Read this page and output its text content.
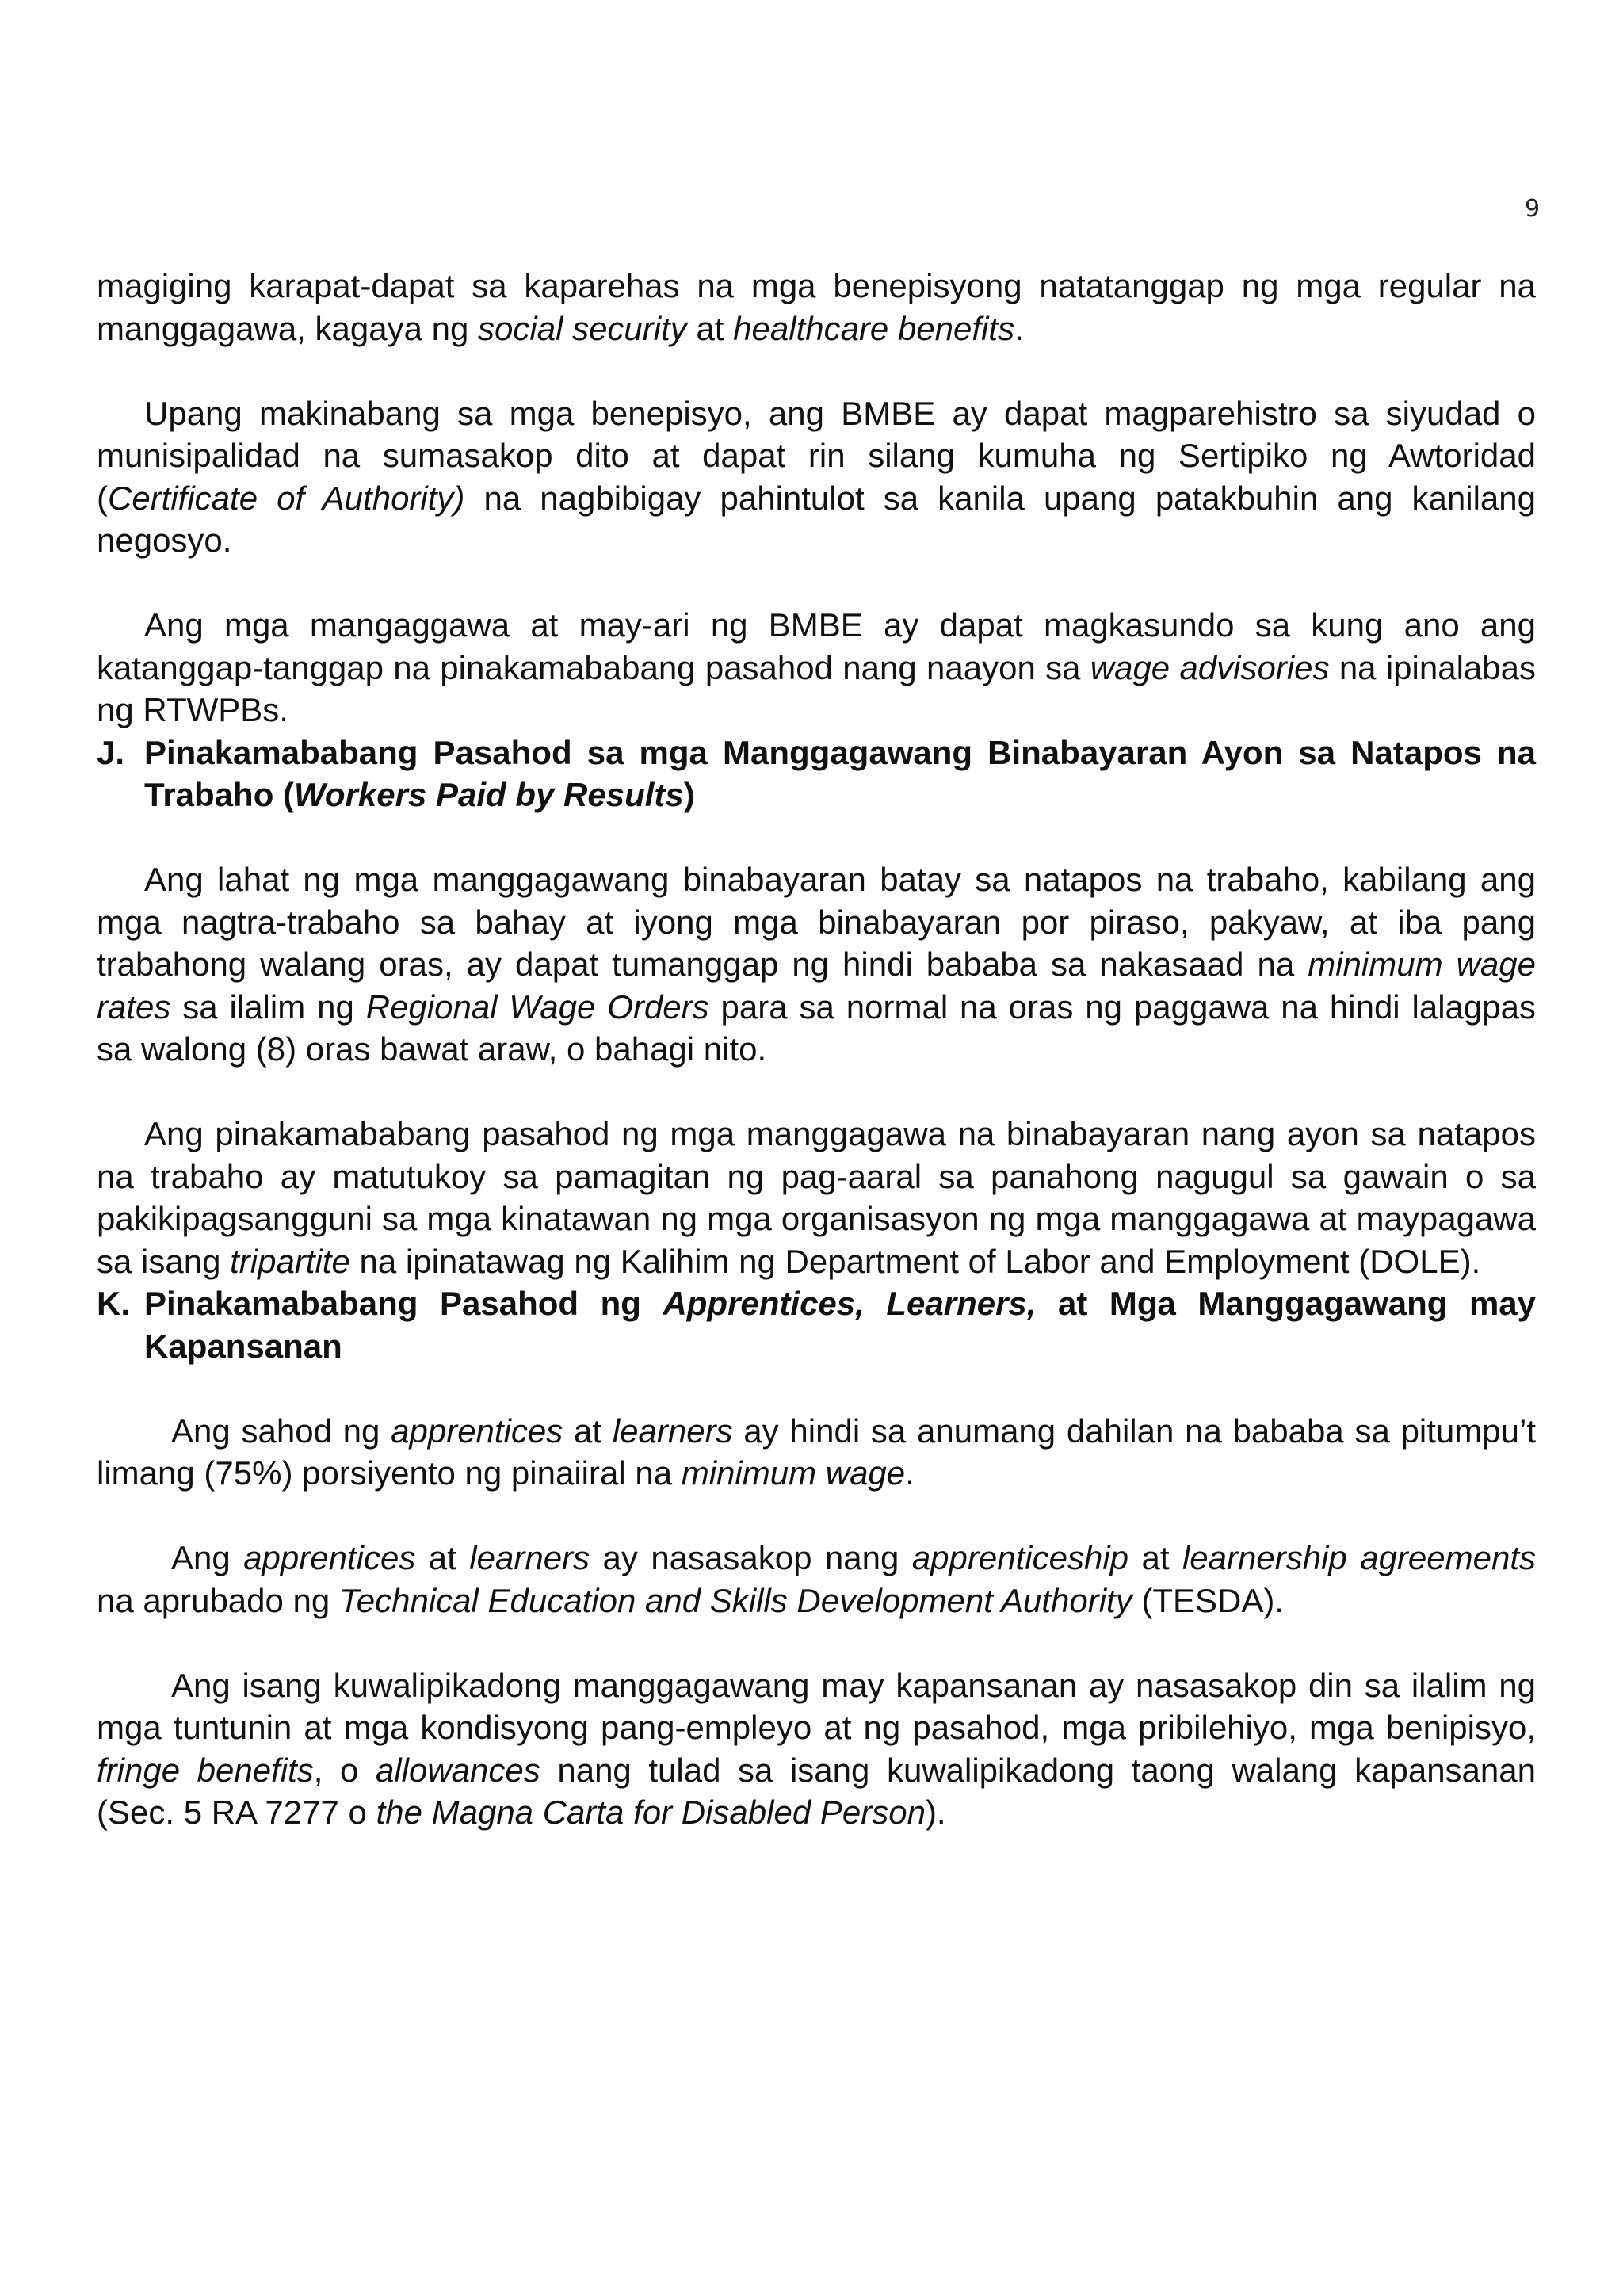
9

magiging karapat-dapat sa kaparehas na mga benepisyong natatanggap ng mga regular na manggagawa, kagaya ng social security at healthcare benefits.

Upang makinabang sa mga benepisyo, ang BMBE ay dapat magparehistro sa siyudad o munisipalidad na sumasakop dito at dapat rin silang kumuha ng Sertipiko ng Awtoridad (Certificate of Authority) na nagbibigay pahintulot sa kanila upang patakbuhin ang kanilang negosyo.

Ang mga mangaggawa at may-ari ng BMBE ay dapat magkasundo sa kung ano ang katanggap-tanggap na pinakamababang pasahod nang naayon sa wage advisories na ipinalabas ng RTWPBs.

J. Pinakamababang Pasahod sa mga Manggagawang Binabayaran Ayon sa Natapos na Trabaho (Workers Paid by Results)

Ang lahat ng mga manggagawang binabayaran batay sa natapos na trabaho, kabilang ang mga nagtra-trabaho sa bahay at iyong mga binabayaran por piraso, pakyaw, at iba pang trabahong walang oras, ay dapat tumanggap ng hindi bababa sa nakasaad na minimum wage rates sa ilalim ng Regional Wage Orders para sa normal na oras ng paggawa na hindi lalagpas sa walong (8) oras bawat araw, o bahagi nito.

Ang pinakamababang pasahod ng mga manggagawa na binabayaran nang ayon sa natapos na trabaho ay matutukoy sa pamagitan ng pag-aaral sa panahong nagugul sa gawain o sa pakikipagsangguni sa mga kinatawan ng mga organisasyon ng mga manggagawa at maypagawa sa isang tripartite na ipinatawag ng Kalihim ng Department of Labor and Employment (DOLE).

K. Pinakamababang Pasahod ng Apprentices, Learners, at Mga Manggagawang may Kapansanan

Ang sahod ng apprentices at learners ay hindi sa anumang dahilan na bababa sa pitumpu’t limang (75%) porsiyento ng pinaiiral na minimum wage.

Ang apprentices at learners ay nasasakop nang apprenticeship at learnership agreements na aprubado ng Technical Education and Skills Development Authority (TESDA).

Ang isang kuwalipikadong manggagawang may kapansanan ay nasasakop din sa ilalim ng mga tuntunin at mga kondisyong pang-empleyo at ng pasahod, mga pribilehiyo, mga benipisyo, fringe benefits, o allowances nang tulad sa isang kuwalipikadong taong walang kapansanan (Sec. 5 RA 7277 o the Magna Carta for Disabled Person).
